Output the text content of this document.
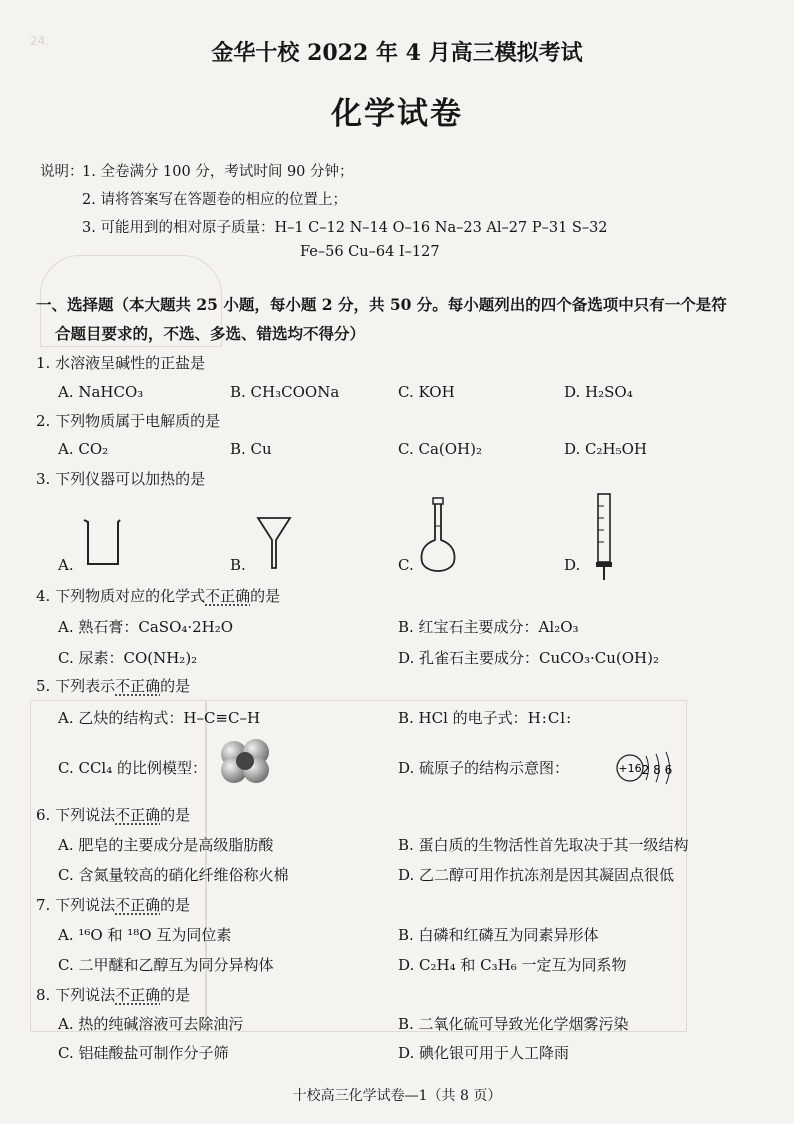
24.	金华十校 2022 年 4 月高三模拟考试
化学试卷
说明：
1. 全卷满分 100 分，考试时间 90 分钟；
2. 请将答案写在答题卷的相应的位置上；
3. 可能用到的相对原子质量：H–1 C–12 N–14 O–16 Na–23 Al–27 P–31 S–32
Fe–56 Cu–64 I–127
一、选择题（本大题共 25 小题，每小题 2 分，共 50 分。每小题列出的四个备选项中只有一个是符
合题目要求的，不选、多选、错选均不得分）
1. 水溶液呈碱性的正盐是
A. NaHCO₃	B. CH₃COONa	C. KOH	D. H₂SO₄
2. 下列物质属于电解质的是
A. CO₂	B. Cu	C. Ca(OH)₂	D. C₂H₅OH
3. 下列仪器可以加热的是
A.	B.	C.	D.
4. 下列物质对应的化学式不正确的是
A. 熟石膏：CaSO₄·2H₂O	B. 红宝石主要成分：Al₂O₃
C. 尿素：CO(NH₂)₂	D. 孔雀石主要成分：CuCO₃·Cu(OH)₂
5. 下列表示不正确的是
A. 乙炔的结构式：H–C≡C–H	B. HCl 的电子式：H:Cl:
C. CCl₄ 的比例模型：	D. 硫原子的结构示意图：	+16 2 8 6
6. 下列说法不正确的是
A. 肥皂的主要成分是高级脂肪酸	B. 蛋白质的生物活性首先取决于其一级结构
C. 含氮量较高的硝化纤维俗称火棉	D. 乙二醇可用作抗冻剂是因其凝固点很低
7. 下列说法不正确的是
A. ¹⁶O 和 ¹⁸O 互为同位素	B. 白磷和红磷互为同素异形体
C. 二甲醚和乙醇互为同分异构体	D. C₂H₄ 和 C₃H₆ 一定互为同系物
8. 下列说法不正确的是
A. 热的纯碱溶液可去除油污	B. 二氧化硫可导致光化学烟雾污染
C. 铝硅酸盐可制作分子筛	D. 碘化银可用于人工降雨
十校高三化学试卷—1（共 8 页）
